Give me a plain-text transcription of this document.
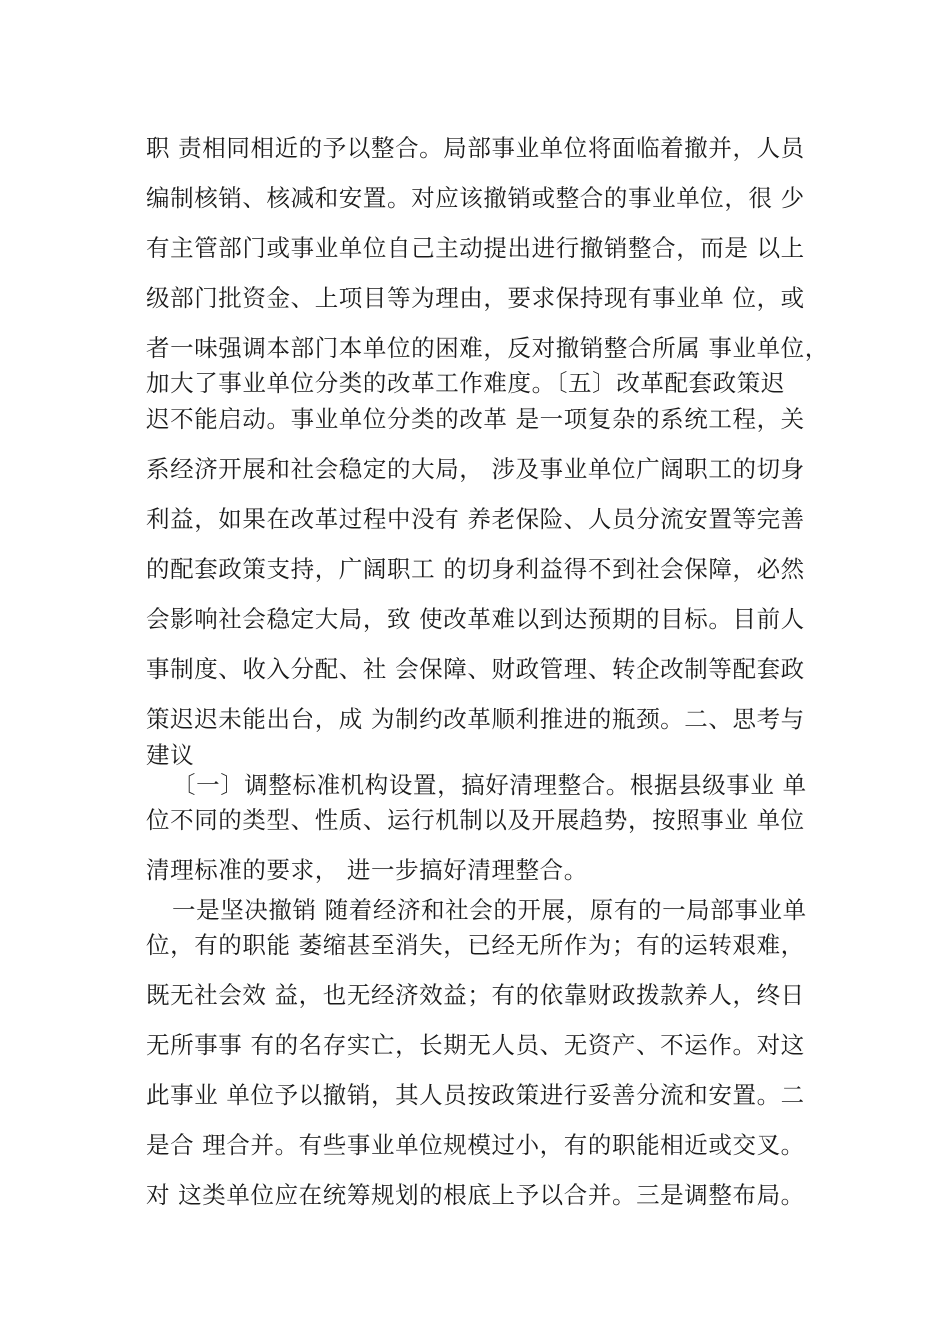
职 责相同相近的予以整合。局部事业单位将面临着撤并，人员
编制核销、核减和安置。对应该撤销或整合的事业单位，很 少
有主管部门或事业单位自己主动提出进行撤销整合，而是 以上
级部门批资金、上项目等为理由，要求保持现有事业单 位，或
者一味强调本部门本单位的困难，反对撤销整合所属 事业单位，
加大了事业单位分类的改革工作难度。〔五〕改革配套政策迟
迟不能启动。事业单位分类的改革 是一项复杂的系统工程，关
系经济开展和社会稳定的大局， 涉及事业单位广阔职工的切身
利益，如果在改革过程中没有 养老保险、人员分流安置等完善
的配套政策支持，广阔职工 的切身利益得不到社会保障，必然
会影响社会稳定大局，致 使改革难以到达预期的目标。目前人
事制度、收入分配、社 会保障、财政管理、转企改制等配套政
策迟迟未能出台，成 为制约改革顺利推进的瓶颈。二、思考与
建议
〔一〕调整标准机构设置，搞好清理整合。根据县级事业 单
位不同的类型、性质、运行机制以及开展趋势，按照事业 单位
清理标准的要求， 进一步搞好清理整合。
一是坚决撤销 随着经济和社会的开展，原有的一局部事业单
位，有的职能 萎缩甚至消失，已经无所作为；有的运转艰难，
既无社会效 益，也无经济效益；有的依靠财政拨款养人，终日
无所事事 有的名存实亡，长期无人员、无资产、不运作。对这
此事业 单位予以撤销，其人员按政策进行妥善分流和安置。二
是合 理合并。有些事业单位规模过小，有的职能相近或交叉。
对 这类单位应在统筹规划的根底上予以合并。三是调整布局。
